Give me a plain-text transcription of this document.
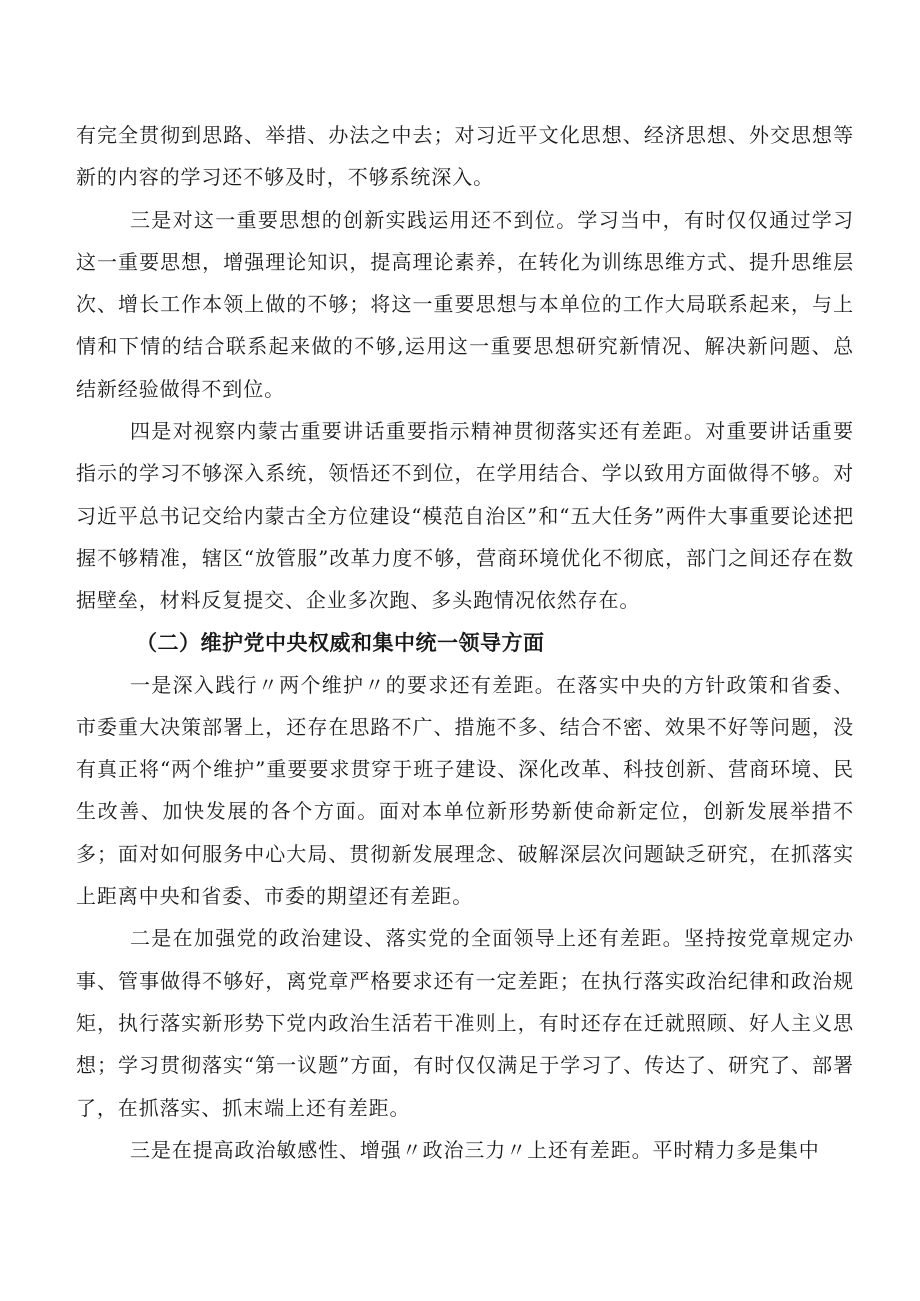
有完全贯彻到思路、举措、办法之中去；对习近平文化思想、经济思想、外交思想等新的内容的学习还不够及时，不够系统深入。

三是对这一重要思想的创新实践运用还不到位。学习当中，有时仅仅通过学习这一重要思想，增强理论知识，提高理论素养，在转化为训练思维方式、提升思维层次、增长工作本领上做的不够；将这一重要思想与本单位的工作大局联系起来，与上情和下情的结合联系起来做的不够,运用这一重要思想研究新情况、解决新问题、总结新经验做得不到位。

四是对视察内蒙古重要讲话重要指示精神贯彻落实还有差距。对重要讲话重要指示的学习不够深入系统，领悟还不到位，在学用结合、学以致用方面做得不够。对习近平总书记交给内蒙古全方位建设“模范自治区”和“五大任务”两件大事重要论述把握不够精准，辖区“放管服”改革力度不够，营商环境优化不彻底，部门之间还存在数据壁垒，材料反复提交、企业多次跑、多头跑情况依然存在。

（二）维护党中央权威和集中统一领导方面

一是深入践行〃两个维护〃的要求还有差距。在落实中央的方针政策和省委、市委重大决策部署上，还存在思路不广、措施不多、结合不密、效果不好等问题，没有真正将“两个维护”重要要求贯穿于班子建设、深化改革、科技创新、营商环境、民生改善、加快发展的各个方面。面对本单位新形势新使命新定位，创新发展举措不多；面对如何服务中心大局、贯彻新发展理念、破解深层次问题缺乏研究，在抓落实上距离中央和省委、市委的期望还有差距。

二是在加强党的政治建设、落实党的全面领导上还有差距。坚持按党章规定办事、管事做得不够好，离党章严格要求还有一定差距；在执行落实政治纪律和政治规矩，执行落实新形势下党内政治生活若干准则上，有时还存在迁就照顾、好人主义思想；学习贯彻落实“第一议题”方面，有时仅仅满足于学习了、传达了、研究了、部署了，在抓落实、抓末端上还有差距。

三是在提高政治敏感性、增强〃政治三力〃上还有差距。平时精力多是集中
